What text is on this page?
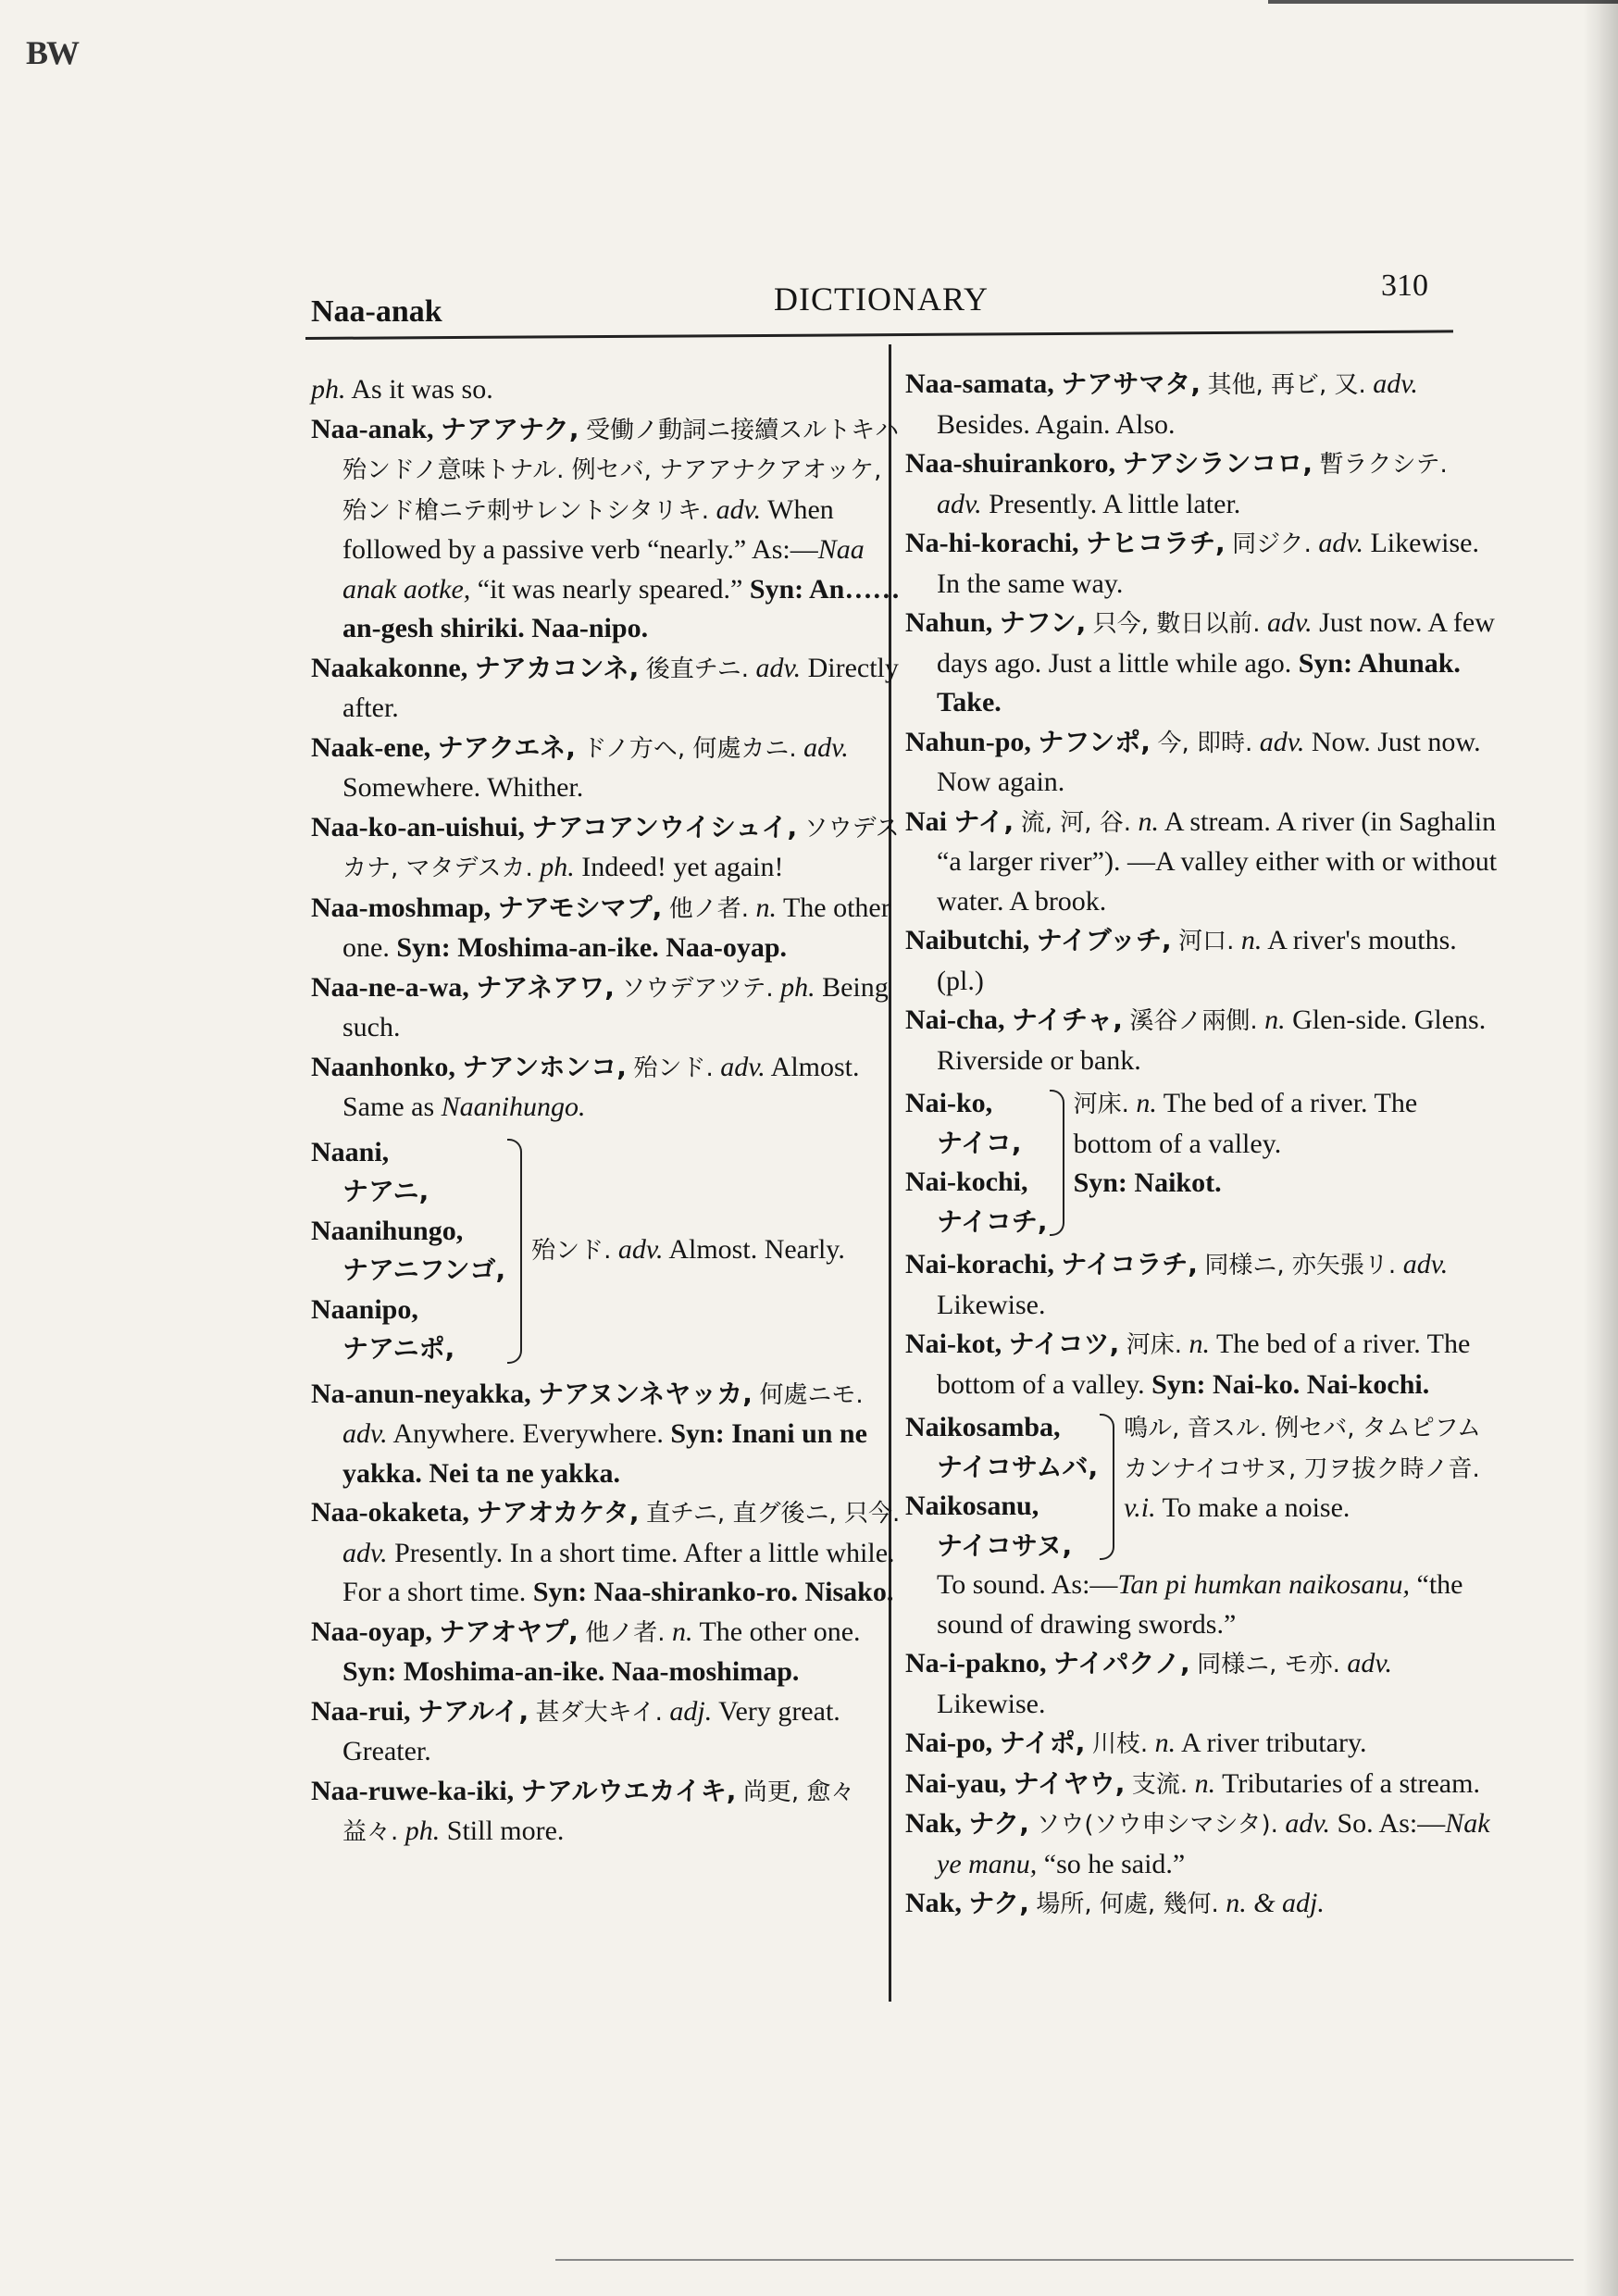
BW
Naa-anak	DICTIONARY	310
ph. As it was so.
Naa-anak, ナアアナク, 受働ノ動詞ニ接續スルトキハ殆ンドノ意味トナル. 例セバ, ナアアナクアオッケ, 殆ンド槍ニテ刺サレントシタリキ. adv. When followed by a passive verb “nearly.” As:—Naa anak aotke, “it was nearly speared.” Syn: An……an-gesh shiriki. Naa-nipo.
Naakakonne, ナアカコンネ, 後直チニ. adv. Directly after.
Naak-ene, ナアクエネ, ドノ方ヘ, 何處カニ. adv. Somewhere. Whither.
Naa-ko-an-uishui, ナアコアンウイシュイ, ソウデスカナ, マタデスカ. ph. Indeed! yet again!
Naa-moshmap, ナアモシマプ, 他ノ者. n. The other one. Syn: Moshima-an-ike. Naa-oyap.
Naa-ne-a-wa, ナアネアワ, ソウデアツテ. ph. Being such.
Naanhonko, ナアンホンコ, 殆ンド. adv. Almost. Same as Naanihungo.
Naani,
ナアニ,
Naanihungo,
ナアニフンゴ,
Naanipo,
ナアニポ,
殆ンド. adv. Almost. Nearly.
Na-anun-neyakka, ナアヌンネヤッカ, 何處ニモ. adv. Anywhere. Everywhere. Syn: Inani un ne yakka. Nei ta ne yakka.
Naa-okaketa, ナアオカケタ, 直チニ, 直グ後ニ, 只今. adv. Presently. In a short time. After a little while. For a short time. Syn: Naa-shiranko-ro. Nisako.
Naa-oyap, ナアオヤプ, 他ノ者. n. The other one. Syn: Moshima-an-ike. Naa-moshimap.
Naa-rui, ナアルイ, 甚ダ大キイ. adj. Very great. Greater.
Naa-ruwe-ka-iki, ナアルウエカイキ, 尚更, 愈々益々. ph. Still more.
Naa-samata, ナアサマタ, 其他, 再ビ, 又. adv. Besides. Again. Also.
Naa-shuirankoro, ナアシランコロ, 暫ラクシテ. adv. Presently. A little later.
Na-hi-korachi, ナヒコラチ, 同ジク. adv. Likewise. In the same way.
Nahun, ナフン, 只今, 數日以前. adv. Just now. A few days ago. Just a little while ago. Syn: Ahunak. Take.
Nahun-po, ナフンポ, 今, 即時. adv. Now. Just now. Now again.
Nai ナイ, 流, 河, 谷. n. A stream. A river (in Saghalin “a larger river”). —A valley either with or without water. A brook.
Naibutchi, ナイブッチ, 河口. n. A river's mouths. (pl.)
Nai-cha, ナイチャ, 溪谷ノ兩側. n. Glen-side. Glens. Riverside or bank.
Nai-ko,
ナイコ,
Nai-kochi,
ナイコチ,
河床. n. The bed of a river. The bottom of a valley.
Syn: Naikot.
Nai-korachi, ナイコラチ, 同様ニ, 亦矢張リ. adv. Likewise.
Nai-kot, ナイコツ, 河床. n. The bed of a river. The bottom of a valley. Syn: Nai-ko. Nai-kochi.
Naikosamba,
ナイコサムバ,
Naikosanu,
ナイコサヌ,
鳴ル, 音スル. 例セバ, タムピフムカンナイコサヌ, 刀ヲ拔ク時ノ音. v.i. To make a noise.
To sound. As:—Tan pi humkan naikosanu, “the sound of drawing swords.”
Na-i-pakno, ナイパクノ, 同様ニ, モ亦. adv. Likewise.
Nai-po, ナイポ, 川枝. n. A river tributary.
Nai-yau, ナイヤウ, 支流. n. Tributaries of a stream.
Nak, ナク, ソウ(ソウ申シマシタ). adv. So. As:—Nak ye manu, “so he said.”
Nak, ナク, 場所, 何處, 幾何. n. & adj.
